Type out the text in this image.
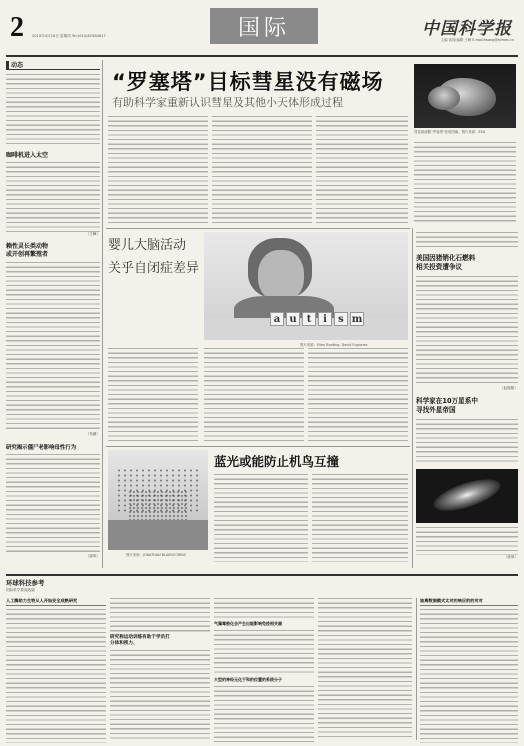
2 2015年4月16日 星期四 Tel:(010)62580617	国际	中国科学报
主编 高翔 编辑 王峰 E-mail:fwang@stimes.cn
动态
咖啡机进入太空
（王峰）
赖性灵长类动物
或开创再繁殖者
（朱薇）
研究揭示僵尸老影响母性行为
（唐凤）
“罗塞塔”目标彗星没有磁场
有助科学家重新认识彗星及其他小天体形成过程
彗星探测器“罗塞塔”获取图像。图片来源：ESA
婴儿大脑活动
关乎自闭症差异
a u	t	i	s m
图片来源：Ellen Bonting. David Fugiones
图片来源：JONATHAN BLAIR/CORBIS
蓝光或能防止机鸟互撞
美国因猪销化石燃料
相关投资遭争议
（赵熙熙）
科学家在10万星系中
寻找外星帝国
（张章）
环球科技参考
国际科学要闻选编
人工酶助力生物从人开始安全成熟研究
研究称运动训练有助于学员打
分体和视力、
气藻毒被化会产生出能影响免疫相关器
大型的神经元化于和的位置的系统分子
抽离数据模式太对的响应的的对对
